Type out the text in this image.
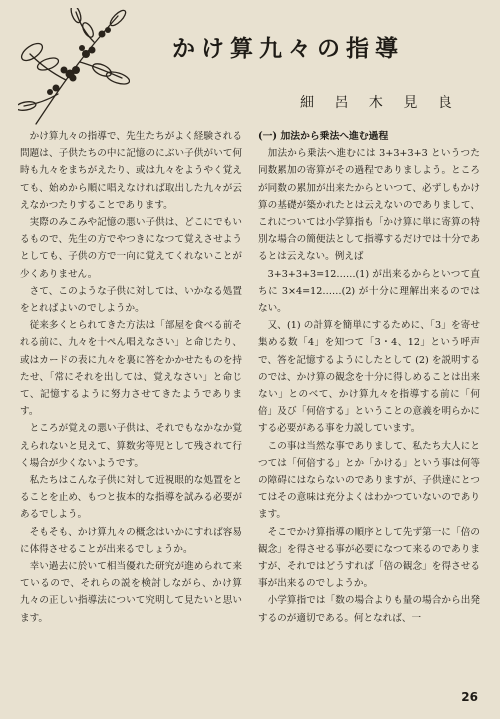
かけ算九々の指導
細 呂 木 見 良

かけ算九々の指導で、先生たちがよく経験される問題は、子供たちの中に記憶のにぶい子供がいて何時も九々をまちがえたり、或は九々をようやく覚えても、始めから順に唱えなければ取出した九々が云えなかつたりすることであります。

実際のみこみや記憶の悪い子供は、どこにでもいるもので、先生の方でやつきになつて覚えさせようとしても、子供の方で一向に覚えてくれないことが少くありません。

さて、このような子供に対しては、いかなる処置をとればよいのでしようか。

従来多くとられてきた方法は「部屋を食べる前それる前に、九々を十ぺん唱えなさい」と命じたり、或はカードの表に九々を裏に答をかかせたものを持たせ、「常にそれを出しては、覚えなさい」と命じて、記憶するように努力させてきたようであります。

ところが覚えの悪い子供は、それでもなかなか覚えられないと見えて、算数劣等児として残されて行く場合が少くないようです。

私たちはこんな子供に対して近視眼的な処置をとることを止め、もつと抜本的な指導を試みる必要があるでしよう。

そもそも、かけ算九々の概念はいかにすれば容易に体得させることが出来るでしょうか。

幸い過去に於いて相当優れた研究が進められて来ているので、それらの説を検討しながら、かけ算九々の正しい指導法について究明して見たいと思います。

(一) 加法から乗法へ進む過程

加法から乗法へ進むには 3+3+3+3 というつた同数累加の寄算がその過程でありましよう。ところが同数の累加が出来たからといつて、必ずしもかけ算の基礎が築かれたとは云えないのでありまして、これについては小学算指も「かけ算に単に寄算の特別な場合の簡便法として指導するだけでは十分であるとは云えない。例えば

3+3+3+3=12……(1) が出来るからといつて直ちに 3×4=12……(2) が十分に理解出来るのではない。

又、(1) の計算を簡単にするために、「3」を寄せ集める数「4」を知つて「3・4、12」という呼声で、答を記憶するようにしたとして (2) を説明するのでは、かけ算の観念を十分に得しめることは出来ない」とのべて、かけ算九々を指導する前に「何倍」及び「何倍する」ということの意義を明らかにする必要がある事を力説しています。

この事は当然な事でありまして、私たち大人にとつては「何倍する」とか「かける」という事は何等の障碍にはならないのでありますが、子供達にとつてはその意味は充分よくはわかつていないのであります。

そこでかけ算指導の順序として先ず第一に「倍の観念」を得させる事が必要になつて来るのでありますが、それではどうすれば「倍の観念」を得させる事が出来るのでしようか。

小学算指では「数の場合よりも量の場合から出発するのが適切である。何となれば、一

26
